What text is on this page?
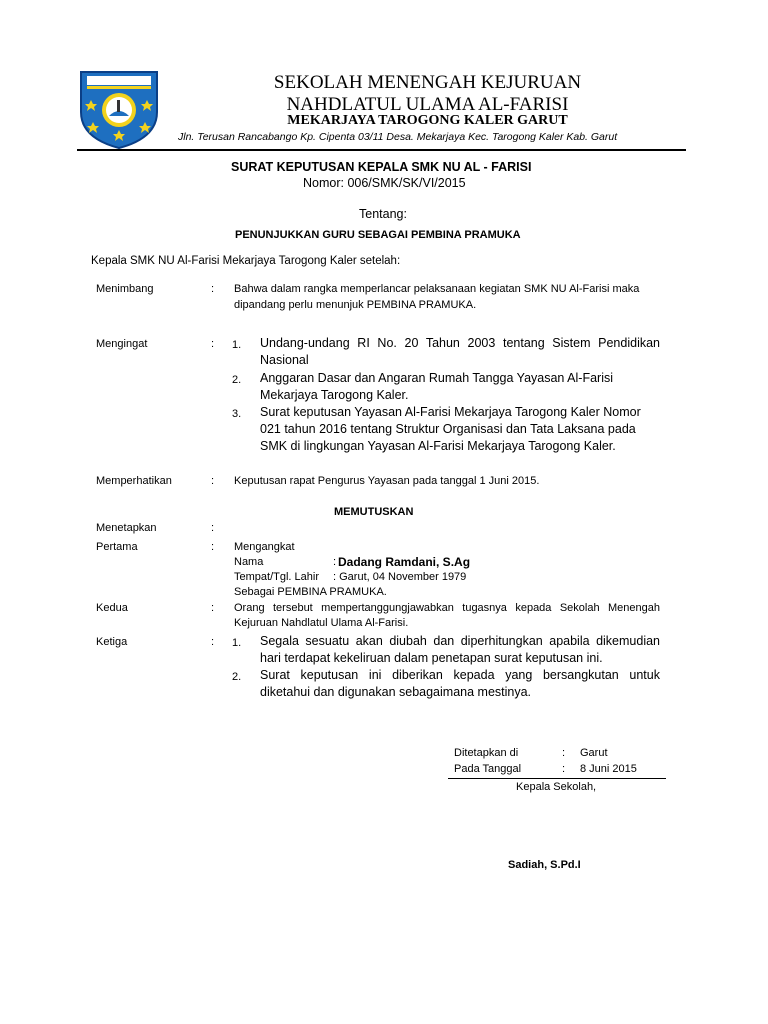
SEKOLAH MENENGAH KEJURUAN
NAHDLATUL ULAMA AL-FARISI
MEKARJAYA TAROGONG KALER GARUT
Jln. Terusan Rancabango Kp. Cipenta 03/11 Desa. Mekarjaya Kec. Tarogong Kaler Kab. Garut
SURAT KEPUTUSAN KEPALA SMK NU AL - FARISI
Nomor: 006/SMK/SK/VI/2015
Tentang:
PENUNJUKKAN GURU SEBAGAI PEMBINA PRAMUKA
Kepala SMK NU Al-Farisi Mekarjaya Tarogong Kaler setelah:
Menimbang	: Bahwa dalam rangka memperlancar pelaksanaan kegiatan SMK NU Al-Farisi maka
dipandang perlu menunjuk PEMBINA PRAMUKA.
Mengingat	: 1. Undang-undang RI No. 20 Tahun 2003 tentang Sistem Pendidikan
Nasional
2. Anggaran Dasar dan Angaran Rumah Tangga Yayasan Al-Farisi
Mekarjaya Tarogong Kaler.
3. Surat keputusan Yayasan Al-Farisi Mekarjaya Tarogong Kaler Nomor
021 tahun 2016 tentang Struktur Organisasi dan Tata Laksana pada
SMK di lingkungan Yayasan Al-Farisi Mekarjaya Tarogong Kaler.
Memperhatikan	: Keputusan rapat Pengurus Yayasan pada tanggal 1 Juni 2015.
MEMUTUSKAN
Menetapkan	:
Pertama	: Mengangkat
Nama	: Dadang Ramdani, S.Ag
Tempat/Tgl. Lahir : Garut, 04 November 1979
Sebagai PEMBINA PRAMUKA.
Kedua	: Orang tersebut mempertanggungjawabkan tugasnya kepada Sekolah Menengah
Kejuruan Nahdlatul Ulama Al-Farisi.
Ketiga	: 1. Segala sesuatu akan diubah dan diperhitungkan apabila dikemudian
hari terdapat kekeliruan dalam penetapan surat keputusan ini.
2. Surat keputusan ini diberikan kepada yang bersangkutan untuk
diketahui dan digunakan sebagaimana mestinya.
Ditetapkan di	: Garut
Pada Tanggal	: 8 Juni 2015
Kepala Sekolah,
Sadiah, S.Pd.I
